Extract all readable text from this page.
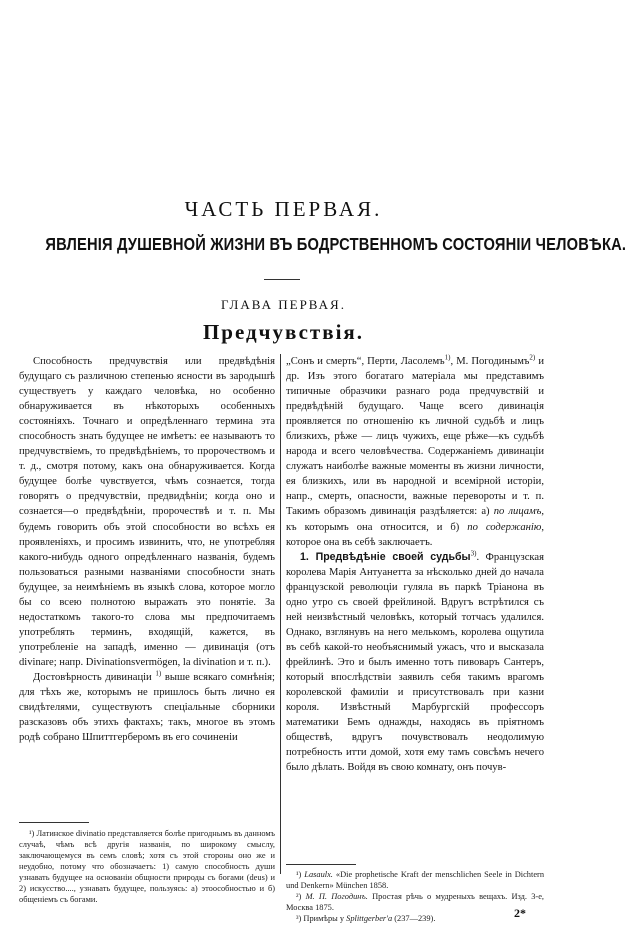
ЧАСТЬ ПЕРВАЯ.
ЯВЛЕНІЯ ДУШЕВНОЙ ЖИЗНИ ВЪ БОДРСТВЕННОМЪ СОСТОЯНІИ ЧЕЛОВѢКА.
ГЛАВА ПЕРВАЯ.
Предчувствія.

Способность предчувствія или предвѣдѣнія будущаго съ различною степенью ясности въ зародышѣ существуетъ у каждаго человѣка, но особенно обнаруживается въ нѣкоторыхъ особенныхъ состояніяхъ. Точнаго и опредѣленнаго термина эта способность знать будущее не имѣетъ: ее называютъ то предчувствіемъ, то предвѣдѣніемъ, то пророчествомъ и т. д., смотря потому, какъ она обнаруживается. Когда будущее болѣе чувствуется, чѣмъ сознается, тогда говорятъ о предчувствіи, предвидѣніи; когда оно и сознается—о предвѣдѣніи, пророчествѣ и т. п. Мы будемъ говорить объ этой способности во всѣхъ ея проявленіяхъ, и просимъ извинить, что, не употребляя какого-нибудь одного опредѣленнаго названія, будемъ пользоваться разными названіями способности знать будущее, за неимѣніемъ въ языкѣ слова, которое могло бы со всею полнотою выражать это понятіе. За недостаткомъ такого-то слова мы предпочитаемъ употреблять терминъ, входящій, кажется, въ употребленіе на западѣ, именно — дивинація (отъ divinare; напр. Divinationsvermögen, la divination и т. п.).

Достовѣрность дивинаціи $^{1)}$ выше всякаго сомнѣнія; для тѣхъ же, которымъ не пришлось быть лично ея свидѣтелями, существуютъ спеціальные сборники разсказовъ объ этихъ фактахъ; такъ, многое въ этомъ родѣ собрано Шпиттгерберомъ въ его сочиненіи

„Сонъ и смерть“, Перти, Ласолемъ$^{1)}$, М. Погодинымъ$^{2)}$ и др. Изъ этого богатаго матеріала мы представимъ типичные образчики разнаго рода предчувствій и предвѣдѣній будущаго. Чаще всего дивинація проявляется по отношенію къ личной судьбѣ и лицъ близкихъ, рѣже — лицъ чужихъ, еще рѣже—къ судьбѣ народа и всего человѣчества. Содержаніемъ дивинаціи служатъ наиболѣе важные моменты въ жизни личности, ея близкихъ, или въ народной и всемірной исторіи, напр., смерть, опасности, важные перевороты и т. п. Такимъ образомъ дивинація раздѣляется: а) по лицамъ, къ которымъ она относится, и б) по содержанію, которое она въ себѣ заключаетъ.

1. Предвѣдѣніе своей судьбы$^{3)}$. Французская королева Марія Антуанетта за нѣсколько дней до начала французской революціи гуляла въ паркѣ Тріанона въ одно утро съ своей фрейлиной. Вдругъ встрѣтился съ ней неизвѣстный человѣкъ, который тотчасъ удалился. Однако, взглянувъ на него мелькомъ, королева ощутила въ себѣ какой-то необъяснимый ужасъ, что и высказала фрейлинѣ. Это и былъ именно тотъ пивоваръ Сантеръ, который впослѣдствіи заявилъ себя такимъ врагомъ королевской фамиліи и присутствовалъ при казни короля. Извѣстный Марбургскій профессоръ математики Бемъ однажды, находясь въ пріятномъ обществѣ, вдругъ почувствовалъ неодолимую потребность итти домой, хотя ему тамъ совсѣмъ нечего было дѣлать. Войдя въ свою комнату, онъ почув-

¹) Латинское divinatio представляется болѣе пригоднымъ въ данномъ случаѣ, чѣмъ всѣ другія названія, по широкому смыслу, заключающемуся въ семъ словѣ; хотя съ этой стороны оно же и неудобно, потому что обозначаетъ: 1) самую способность души узнавать будущее на основаніи общности природы съ богами (deus) и 2) искусство...., узнавать будущее, пользуясь: а) этоособностью и б) общеніемъ съ богами.

¹) Lasaulx. «Die prophetische Kraft der menschlichen Seele in Dichtern und Denkern» München 1858.

²) М. П. Погодинъ. Простая рѣчь о мудреныхъ вещахъ. Изд. 3-е, Москва 1875.

³) Примѣры у Splittgerber'a (237—239).	2*
